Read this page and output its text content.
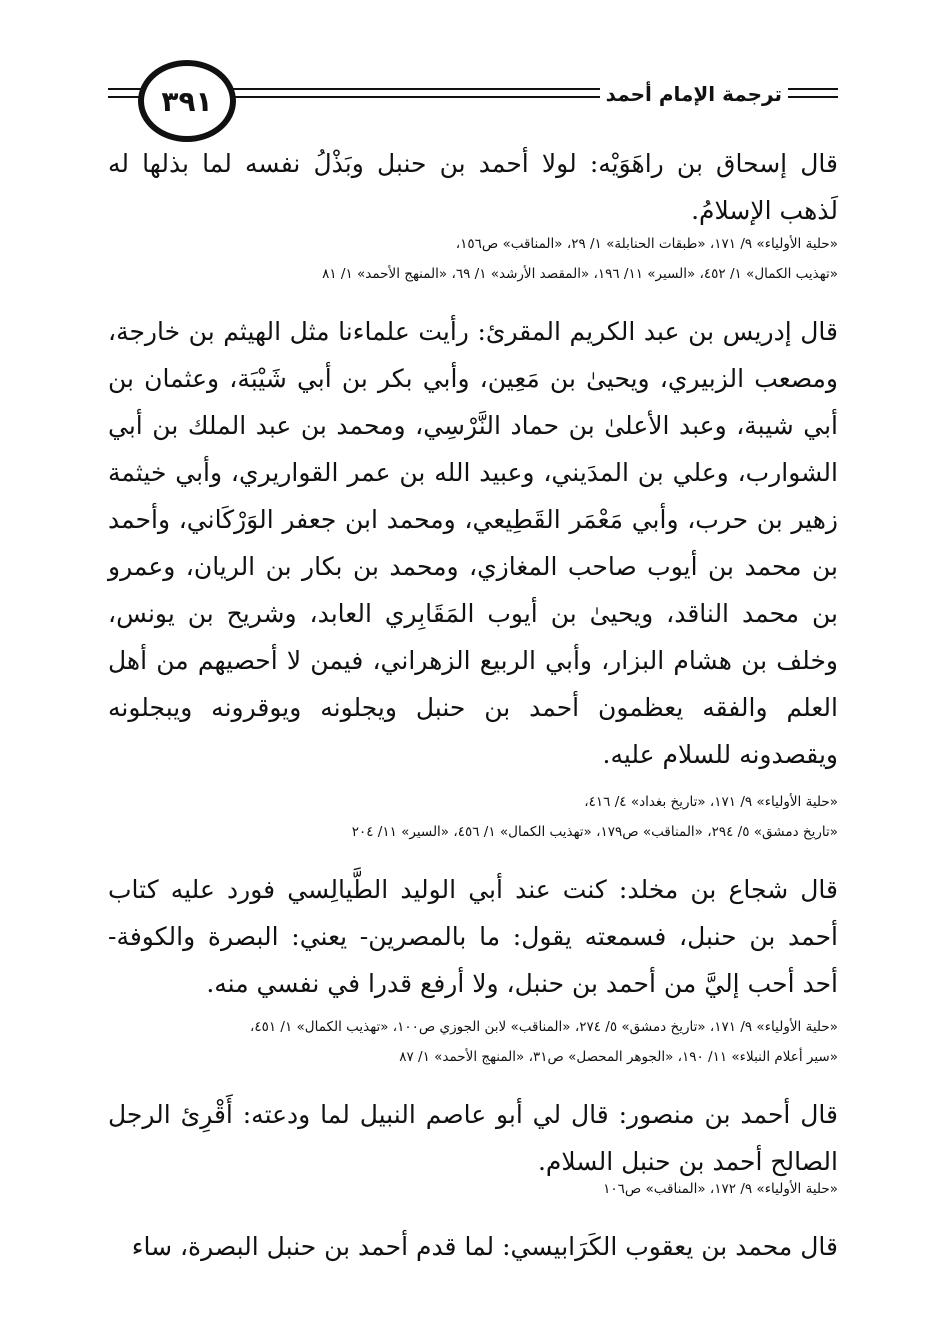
٣٩١	ترجمة الإمام أحمد

قال إسحاق بن راهَوَيْه: لولا أحمد بن حنبل وبَذْلُ نفسه لما بذلها له لَذهب الإسلامُ.

«حلية الأولياء» ٩/ ١٧١، «طبقات الحنابلة» ١/ ٢٩، «المناقب» ص١٥٦،

«تهذيب الكمال» ١/ ٤٥٢، «السير» ١١/ ١٩٦، «المقصد الأرشد» ١/ ٦٩، «المنهج الأحمد» ١/ ٨١

قال إدريس بن عبد الكريم المقرئ: رأيت علماءنا مثل الهيثم بن خارجة، ومصعب الزبيري، ويحيىٰ بن مَعِين، وأبي بكر بن أبي شَيْبَة، وعثمان بن أبي شيبة، وعبد الأعلىٰ بن حماد النَّرْسِي، ومحمد بن عبد الملك بن أبي الشوارب، وعلي بن المدَيني، وعبيد الله بن عمر القواريري، وأبي خيثمة زهير بن حرب، وأبي مَعْمَر القَطِيعي، ومحمد ابن جعفر الوَرْكَاني، وأحمد بن محمد بن أيوب صاحب المغازي، ومحمد بن بكار بن الريان، وعمرو بن محمد الناقد، ويحيىٰ بن أيوب المَقَابِري العابد، وشريح بن يونس، وخلف بن هشام البزار، وأبي الربيع الزهراني، فيمن لا أحصيهم من أهل العلم والفقه يعظمون أحمد بن حنبل ويجلونه ويوقرونه ويبجلونه ويقصدونه للسلام عليه.

«حلية الأولياء» ٩/ ١٧١، «تاريخ بغداد» ٤/ ٤١٦،

«تاريخ دمشق» ٥/ ٢٩٤، «المناقب» ص١٧٩، «تهذيب الكمال» ١/ ٤٥٦، «السير» ١١/ ٢٠٤

قال شجاع بن مخلد: كنت عند أبي الوليد الطَّيالِسي فورد عليه كتاب أحمد بن حنبل، فسمعته يقول: ما بالمصرين- يعني: البصرة والكوفة- أحد أحب إليَّ من أحمد بن حنبل، ولا أرفع قدرا في نفسي منه.

«حلية الأولياء» ٩/ ١٧١، «تاريخ دمشق» ٥/ ٢٧٤، «المناقب» لابن الجوزي ص١٠٠، «تهذيب الكمال» ١/ ٤٥١،

«سير أعلام النبلاء» ١١/ ١٩٠، «الجوهر المحصل» ص٣١، «المنهج الأحمد» ١/ ٨٧

قال أحمد بن منصور: قال لي أبو عاصم النبيل لما ودعته: أَقْرِئ الرجل الصالح أحمد بن حنبل السلام.

«حلية الأولياء» ٩/ ١٧٢، «المناقب» ص١٠٦

قال محمد بن يعقوب الكَرَابيسي: لما قدم أحمد بن حنبل البصرة، ساء
